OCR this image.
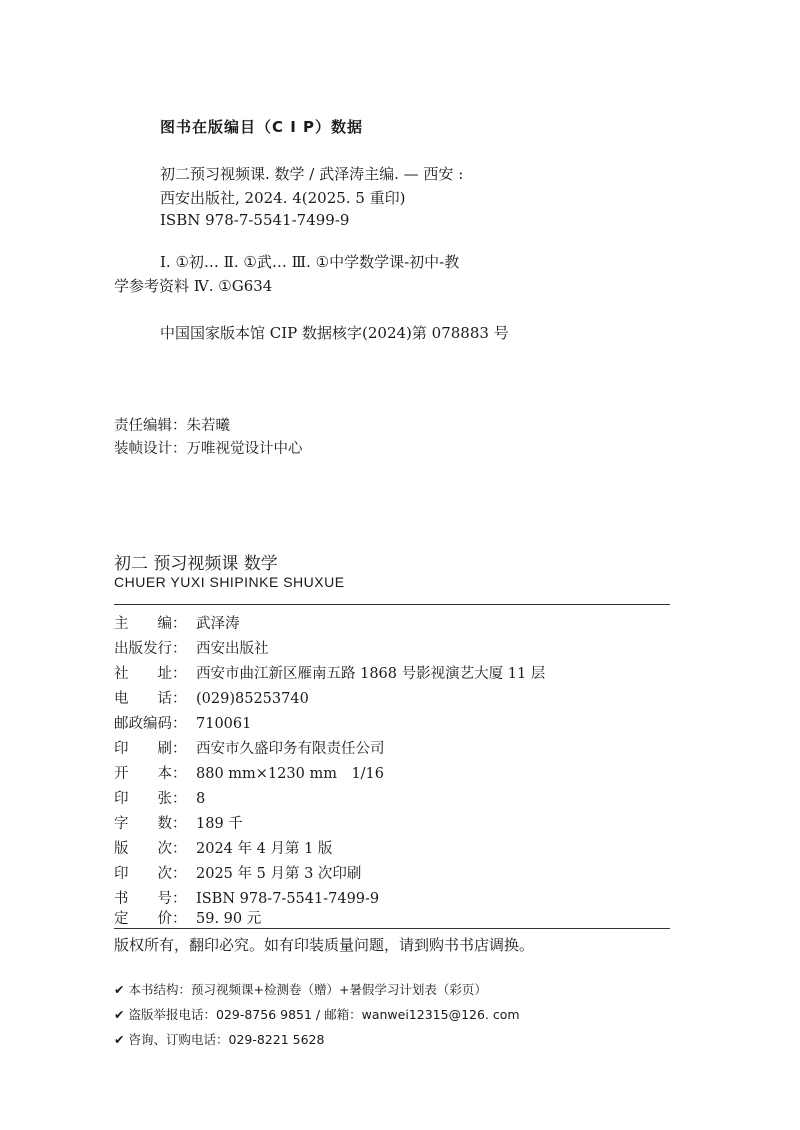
图书在版编目（C I P）数据
初二预习视频课. 数学 / 武泽涛主编. — 西安 :
西安出版社, 2024. 4(2025. 5 重印)
ISBN 978-7-5541-7499-9
Ⅰ. ①初… Ⅱ. ①武… Ⅲ. ①中学数学课-初中-教
学参考资料 Ⅳ. ①G634
中国国家版本馆 CIP 数据核字(2024)第 078883 号
责任编辑：朱若曦
装帧设计：万唯视觉设计中心
初二 预习视频课 数学
CHUER YUXI SHIPINKE SHUXUE
主　　编： 武泽涛
出版发行： 西安出版社
社　　址： 西安市曲江新区雁南五路 1868 号影视演艺大厦 11 层
电　　话： (029)85253740
邮政编码： 710061
印　　刷： 西安市久盛印务有限责任公司
开　　本： 880 mm×1230 mm　1/16
印　　张： 8
字　　数： 189 千
版　　次： 2024 年 4 月第 1 版
印　　次： 2025 年 5 月第 3 次印刷
书　　号： ISBN 978-7-5541-7499-9
定　　价： 59. 90 元
版权所有，翻印必究。如有印装质量问题，请到购书书店调换。
✔ 本书结构：预习视频课+检测卷（赠）+暑假学习计划表（彩页）
✔ 盗版举报电话：029-8756 9851 / 邮箱：wanwei12315@126. com
✔ 咨询、订购电话：029-8221 5628
